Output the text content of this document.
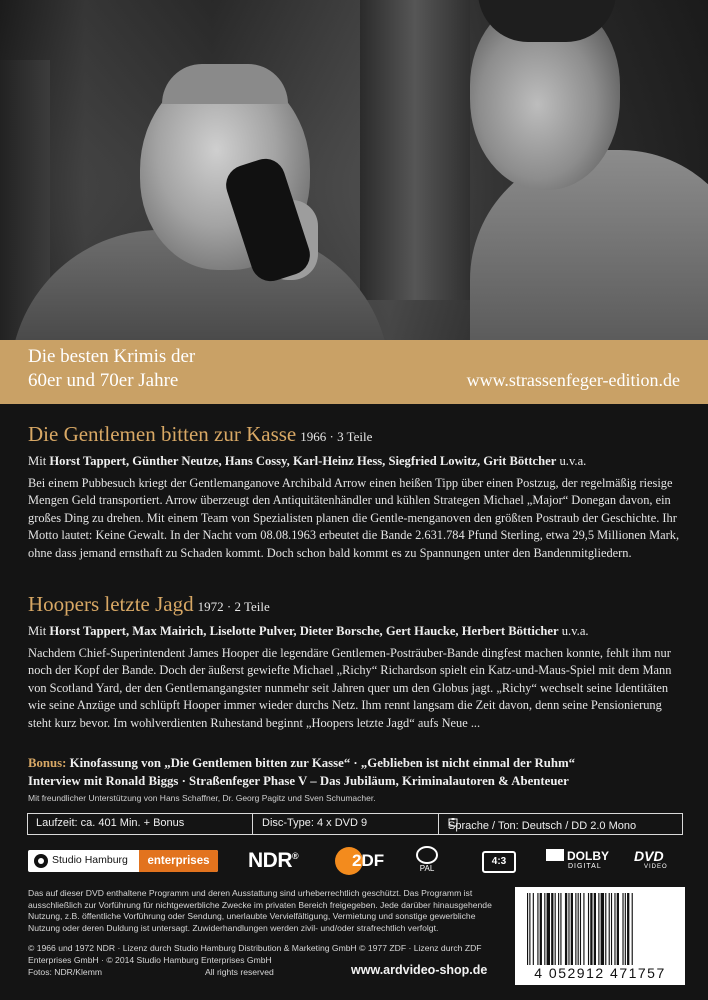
Die besten Krimis der
60er und 70er Jahre	www.strassenfeger-edition.de
Die Gentlemen bitten zur Kasse 1966 · 3 Teile
Mit Horst Tappert, Günther Neutze, Hans Cossy, Karl-Heinz Hess, Siegfried Lowitz, Grit Böttcher u.v.a.

Bei einem Pubbesuch kriegt der Gentlemanganove Archibald Arrow einen heißen Tipp über einen Postzug, der regelmäßig riesige Mengen Geld transportiert. Arrow überzeugt den Antiquitätenhändler und kühlen Strategen Michael „Major“ Donegan davon, ein großes Ding zu drehen. Mit einem Team von Spezialisten planen die Gentle-menganoven den größten Postraub der Geschichte. Ihr Motto lautet: Keine Gewalt. In der Nacht vom 08.08.1963 erbeutet die Bande 2.631.784 Pfund Sterling, etwa 29,5 Millionen Mark, ohne dass jemand ernsthaft zu Schaden kommt. Doch schon bald kommt es zu Spannungen unter den Bandenmitgliedern.

Hoopers letzte Jagd 1972 · 2 Teile
Mit Horst Tappert, Max Mairich, Liselotte Pulver, Dieter Borsche, Gert Haucke, Herbert Bötticher u.v.a.

Nachdem Chief-Superintendent James Hooper die legendäre Gentlemen-Posträuber-Bande dingfest machen konnte, fehlt ihm nur noch der Kopf der Bande. Doch der äußerst gewiefte Michael „Richy“ Richardson spielt ein Katz-und-Maus-Spiel mit dem Mann von Scotland Yard, der den Gentlemangangster nunmehr seit Jahren quer um den Globus jagt. „Richy“ wechselt seine Identitäten wie seine Anzüge und schlüpft Hooper immer wieder durchs Netz. Ihm rennt langsam die Zeit davon, denn seine Pensionierung steht kurz bevor. Im wohlverdienten Ruhestand beginnt „Hoopers letzte Jagd“ aufs Neue ...

Bonus: Kinofassung von „Die Gentlemen bitten zur Kasse“ · „Geblieben ist nicht einmal der Ruhm“
Interview mit Ronald Biggs · Straßenfeger Phase V – Das Jubiläum, Kriminalautoren & Abenteuer
Mit freundlicher Unterstützung von Hans Schaffner, Dr. Georg Pagitz und Sven Schumacher.
Laufzeit: ca. 401 Min. + Bonus	Disc-Type: 4 x DVD 9	Sprache / Ton: Deutsch / DD 2.0 Mono
Studio Hamburg	enterprises	NDR®	2DF	PAL
4:3	DOLBY
DIGITAL
DVD
VIDEO

Das auf dieser DVD enthaltene Programm und deren Ausstattung sind urheberrechtlich geschützt. Das Programm ist ausschließlich zur Vorführung für nichtgewerbliche Zwecke im privaten Bereich freigegeben. Jede darüber hinausgehende Nutzung, z.B. öffentliche Vorführung oder Sendung, unerlaubte Vervielfältigung, Vermietung und sonstige gewerbliche Nutzung oder deren Duldung ist untersagt. Zuwiderhandlungen werden zivil- und/oder strafrechtlich verfolgt.

© 1966 und 1972 NDR · Lizenz durch Studio Hamburg Distribution & Marketing GmbH © 1977 ZDF · Lizenz durch ZDF Enterprises GmbH · © 2014 Studio Hamburg Enterprises GmbH

Fotos: NDR/Klemm	All rights reserved	www.ardvideo-shop.de	4 052912 471757
